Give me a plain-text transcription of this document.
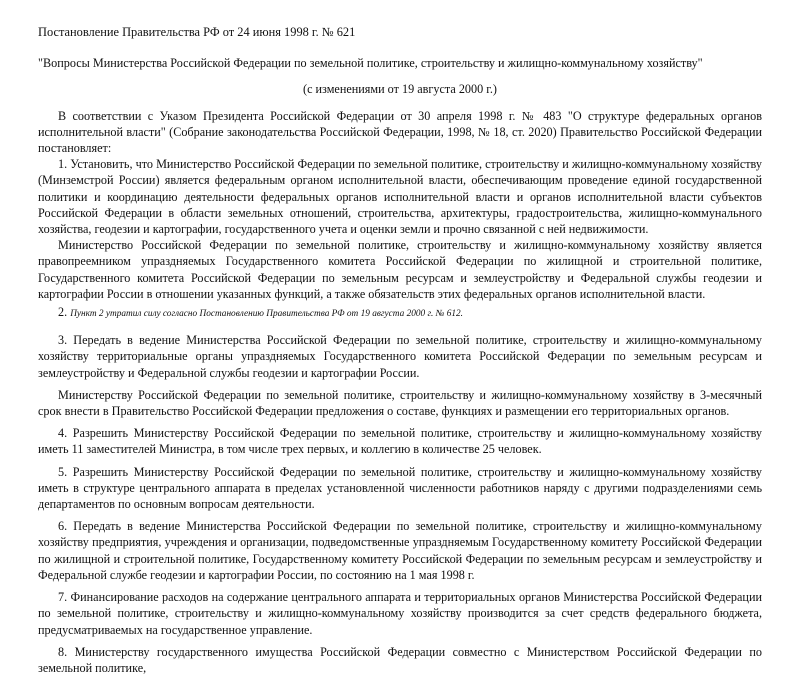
Постановление Правительства РФ от 24 июня 1998 г. № 621
"Вопросы Министерства Российской Федерации по земельной политике, строительству и жилищно-коммунальному хозяйству"
(с изменениями от 19 августа 2000 г.)

В соответствии с Указом Президента Российской Федерации от 30 апреля 1998 г. № 483 "О структуре федеральных органов исполнительной власти" (Собрание законодательства Российской Федерации, 1998, № 18, ст. 2020) Правительство Российской Федерации постановляет:

1. Установить, что Министерство Российской Федерации по земельной политике, строительству и жилищно-коммунальному хозяйству (Минземстрой России) является федеральным органом исполнительной власти, обеспечивающим проведение единой государственной политики и координацию деятельности федеральных органов исполнительной власти и органов исполнительной власти субъектов Российской Федерации в области земельных отношений, строительства, архитектуры, градостроительства, жилищно-коммунального хозяйства, геодезии и картографии, государственного учета и оценки земли и прочно связанной с ней недвижимости.

Министерство Российской Федерации по земельной политике, строительству и жилищно-коммунальному хозяйству является правопреемником упраздняемых Государственного комитета Российской Федерации по жилищной и строительной политике, Государственного комитета Российской Федерации по земельным ресурсам и землеустройству и Федеральной службы геодезии и картографии России в отношении указанных функций, а также обязательств этих федеральных органов исполнительной власти.

2. Пункт 2 утратил силу согласно Постановлению Правительства РФ от 19 августа 2000 г. № 612.

3. Передать в ведение Министерства Российской Федерации по земельной политике, строительству и жилищно-коммунальному хозяйству территориальные органы упраздняемых Государственного комитета Российской Федерации по земельным ресурсам и землеустройству и Федеральной службы геодезии и картографии России.

Министерству Российской Федерации по земельной политике, строительству и жилищно-коммунальному хозяйству в 3-месячный срок внести в Правительство Российской Федерации предложения о составе, функциях и размещении его территориальных органов.

4. Разрешить Министерству Российской Федерации по земельной политике, строительству и жилищно-коммунальному хозяйству иметь 11 заместителей Министра, в том числе трех первых, и коллегию в количестве 25 человек.

5. Разрешить Министерству Российской Федерации по земельной политике, строительству и жилищно-коммунальному хозяйству иметь в структуре центрального аппарата в пределах установленной численности работников наряду с другими подразделениями семь департаментов по основным вопросам деятельности.

6. Передать в ведение Министерства Российской Федерации по земельной политике, строительству и жилищно-коммунальному хозяйству предприятия, учреждения и организации, подведомственные упраздняемым Государственному комитету Российской Федерации по жилищной и строительной политике, Государственному комитету Российской Федерации по земельным ресурсам и землеустройству и Федеральной службе геодезии и картографии России, по состоянию на 1 мая 1998 г.

7. Финансирование расходов на содержание центрального аппарата и территориальных органов Министерства Российской Федерации по земельной политике, строительству и жилищно-коммунальному хозяйству производится за счет средств федерального бюджета, предусматриваемых на государственное управление.

8. Министерству государственного имущества Российской Федерации совместно с Министерством Российской Федерации по земельной политике,
